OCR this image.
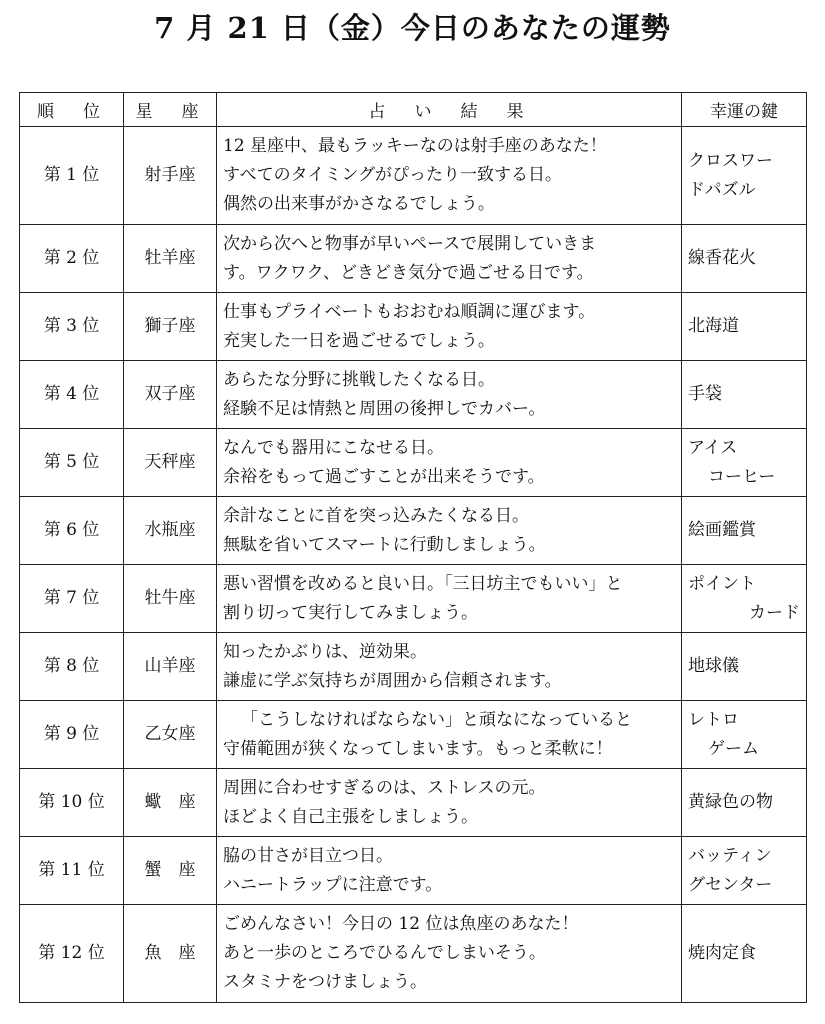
7 月 21 日（金）今日のあなたの運勢
順　位	星　座	占　い　結　果	幸運の鍵
第 1 位	射手座	12 星座中、最もラッキーなのは射手座のあなた！
すべてのタイミングがぴったり一致する日。
偶然の出来事がかさなるでしょう。	クロスワー
ドパズル

第 2 位	牡羊座	次から次へと物事が早いペースで展開していきま
す。ワクワク、どきどき気分で過ごせる日です。	線香花火

第 3 位	獅子座	仕事もプライベートもおおむね順調に運びます。
充実した一日を過ごせるでしょう。	北海道

第 4 位	双子座	あらたな分野に挑戦したくなる日。
経験不足は情熱と周囲の後押しでカバー。	手袋

第 5 位	天秤座	なんでも器用にこなせる日。
余裕をもって過ごすことが出来そうです。	アイス
コーヒー

第 6 位	水瓶座	余計なことに首を突っ込みたくなる日。
無駄を省いてスマートに行動しましょう。	絵画鑑賞

第 7 位	牡牛座	悪い習慣を改めると良い日。「三日坊主でもいい」と
割り切って実行してみましょう。	ポイント
カード

第 8 位	山羊座	知ったかぶりは、逆効果。
謙虚に学ぶ気持ちが周囲から信頼されます。	地球儀

第 9 位	乙女座	「こうしなければならない」と頑なになっていると
守備範囲が狭くなってしまいます。もっと柔軟に！	レトロ
ゲーム

第 10 位	蠍　座	周囲に合わせすぎるのは、ストレスの元。
ほどよく自己主張をしましょう。	黄緑色の物

第 11 位	蟹　座	脇の甘さが目立つ日。
ハニートラップに注意です。	バッティン
グセンター

第 12 位	魚　座	ごめんなさい！今日の 12 位は魚座のあなた！
あと一歩のところでひるんでしまいそう。
スタミナをつけましょう。	焼肉定食
